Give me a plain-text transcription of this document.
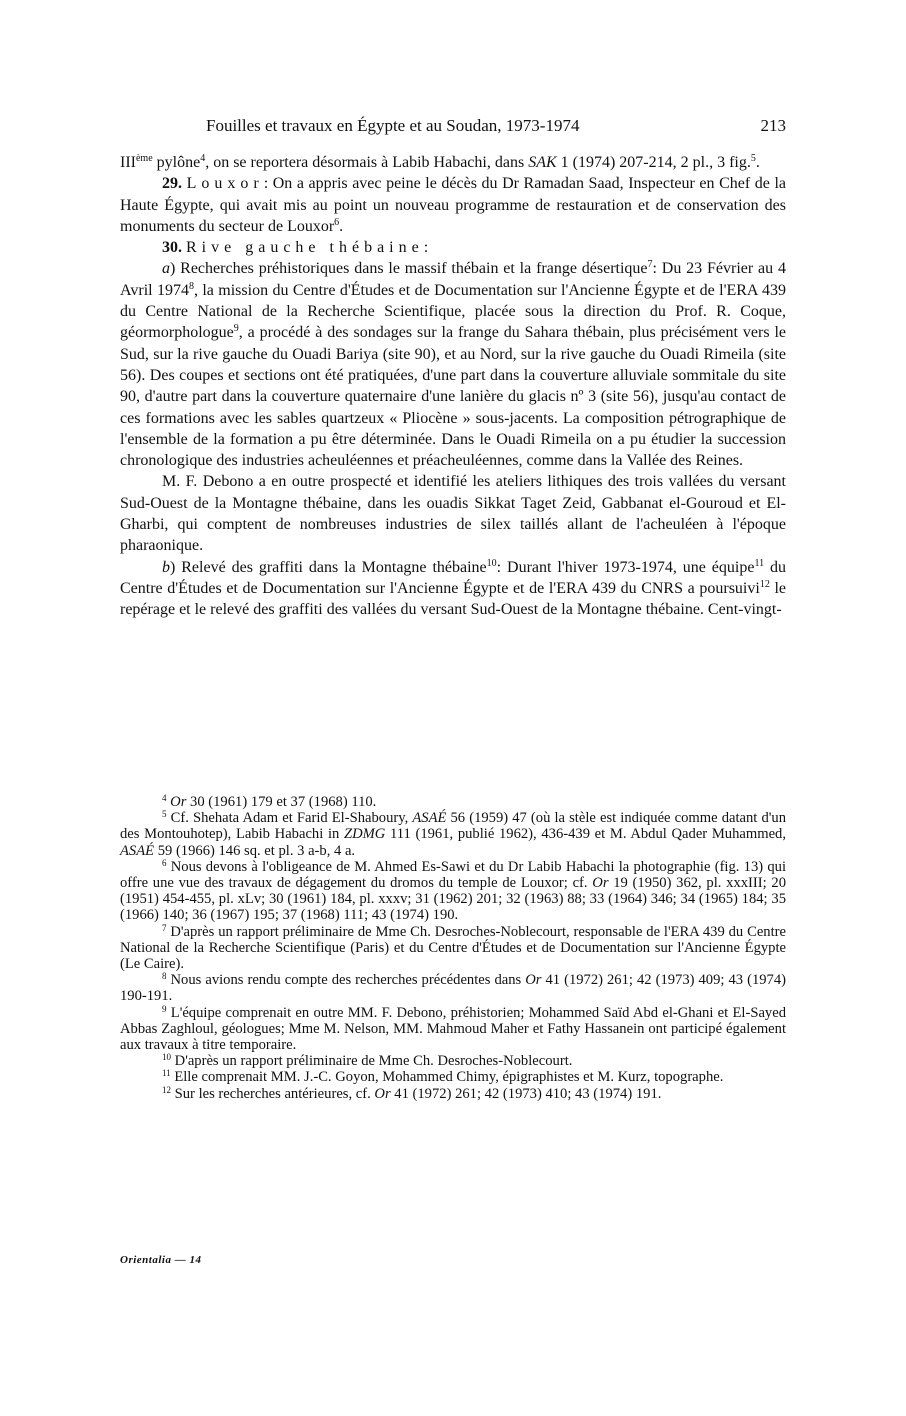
Fouilles et travaux en Égypte et au Soudan, 1973-1974	213

IIIème pylône$^4$, on se reportera désormais à Labib Habachi, dans SAK 1 (1974) 207-214, 2 pl., 3 fig.$^5$.

29. Louxor: On a appris avec peine le décès du Dr Ramadan Saad, Inspecteur en Chef de la Haute Égypte, qui avait mis au point un nouveau programme de restauration et de conservation des monuments du secteur de Louxor$^6$.

30. Rive gauche thébaine:

a) Recherches préhistoriques dans le massif thébain et la frange désertique$^7$: Du 23 Février au 4 Avril 1974$^8$, la mission du Centre d'Études et de Documentation sur l'Ancienne Égypte et de l'ERA 439 du Centre National de la Recherche Scientifique, placée sous la direction du Prof. R. Coque, géormorphologue$^9$, a procédé à des sondages sur la frange du Sahara thébain, plus précisément vers le Sud, sur la rive gauche du Ouadi Bariya (site 90), et au Nord, sur la rive gauche du Ouadi Rimeila (site 56). Des coupes et sections ont été pratiquées, d'une part dans la couverture alluviale sommitale du site 90, d'autre part dans la couverture quaternaire d'une lanière du glacis nº 3 (site 56), jusqu'au contact de ces formations avec les sables quartzeux « Pliocène » sous-jacents. La composition pétrographique de l'ensemble de la formation a pu être déterminée. Dans le Ouadi Rimeila on a pu étudier la succession chronologique des industries acheuléennes et préacheuléennes, comme dans la Vallée des Reines.

M. F. Debono a en outre prospecté et identifié les ateliers lithiques des trois vallées du versant Sud-Ouest de la Montagne thébaine, dans les ouadis Sikkat Taget Zeid, Gabbanat el-Gouroud et El-Gharbi, qui comptent de nombreuses industries de silex taillés allant de l'acheuléen à l'époque pharaonique.

b) Relevé des graffiti dans la Montagne thébaine$^{10}$: Durant l'hiver 1973-1974, une équipe$^{11}$ du Centre d'Études et de Documentation sur l'Ancienne Égypte et de l'ERA 439 du CNRS a poursuivi$^{12}$ le repérage et le relevé des graffiti des vallées du versant Sud-Ouest de la Montagne thébaine. Cent-vingt-

$^4$ Or 30 (1961) 179 et 37 (1968) 110.

$^5$ Cf. Shehata Adam et Farid El-Shaboury, ASAÉ 56 (1959) 47 (où la stèle est indiquée comme datant d'un des Montouhotep), Labib Habachi in ZDMG 111 (1961, publié 1962), 436-439 et M. Abdul Qader Muhammed, ASAÉ 59 (1966) 146 sq. et pl. 3 a-b, 4 a.

$^6$ Nous devons à l'obligeance de M. Ahmed Es-Sawi et du Dr Labib Habachi la photographie (fig. 13) qui offre une vue des travaux de dégagement du dromos du temple de Louxor; cf. Or 19 (1950) 362, pl. xxxIII; 20 (1951) 454-455, pl. xLv; 30 (1961) 184, pl. xxxv; 31 (1962) 201; 32 (1963) 88; 33 (1964) 346; 34 (1965) 184; 35 (1966) 140; 36 (1967) 195; 37 (1968) 111; 43 (1974) 190.

$^7$ D'après un rapport préliminaire de Mme Ch. Desroches-Noblecourt, responsable de l'ERA 439 du Centre National de la Recherche Scientifique (Paris) et du Centre d'Études et de Documentation sur l'Ancienne Égypte (Le Caire).

$^8$ Nous avions rendu compte des recherches précédentes dans Or 41 (1972) 261; 42 (1973) 409; 43 (1974) 190-191.

$^9$ L'équipe comprenait en outre MM. F. Debono, préhistorien; Mohammed Saïd Abd el-Ghani et El-Sayed Abbas Zaghloul, géologues; Mme M. Nelson, MM. Mahmoud Maher et Fathy Hassanein ont participé également aux travaux à titre temporaire.

$^{10}$ D'après un rapport préliminaire de Mme Ch. Desroches-Noblecourt.

$^{11}$ Elle comprenait MM. J.-C. Goyon, Mohammed Chimy, épigraphistes et M. Kurz, topographe.

$^{12}$ Sur les recherches antérieures, cf. Or 41 (1972) 261; 42 (1973) 410; 43 (1974) 191.

Orientalia — 14
